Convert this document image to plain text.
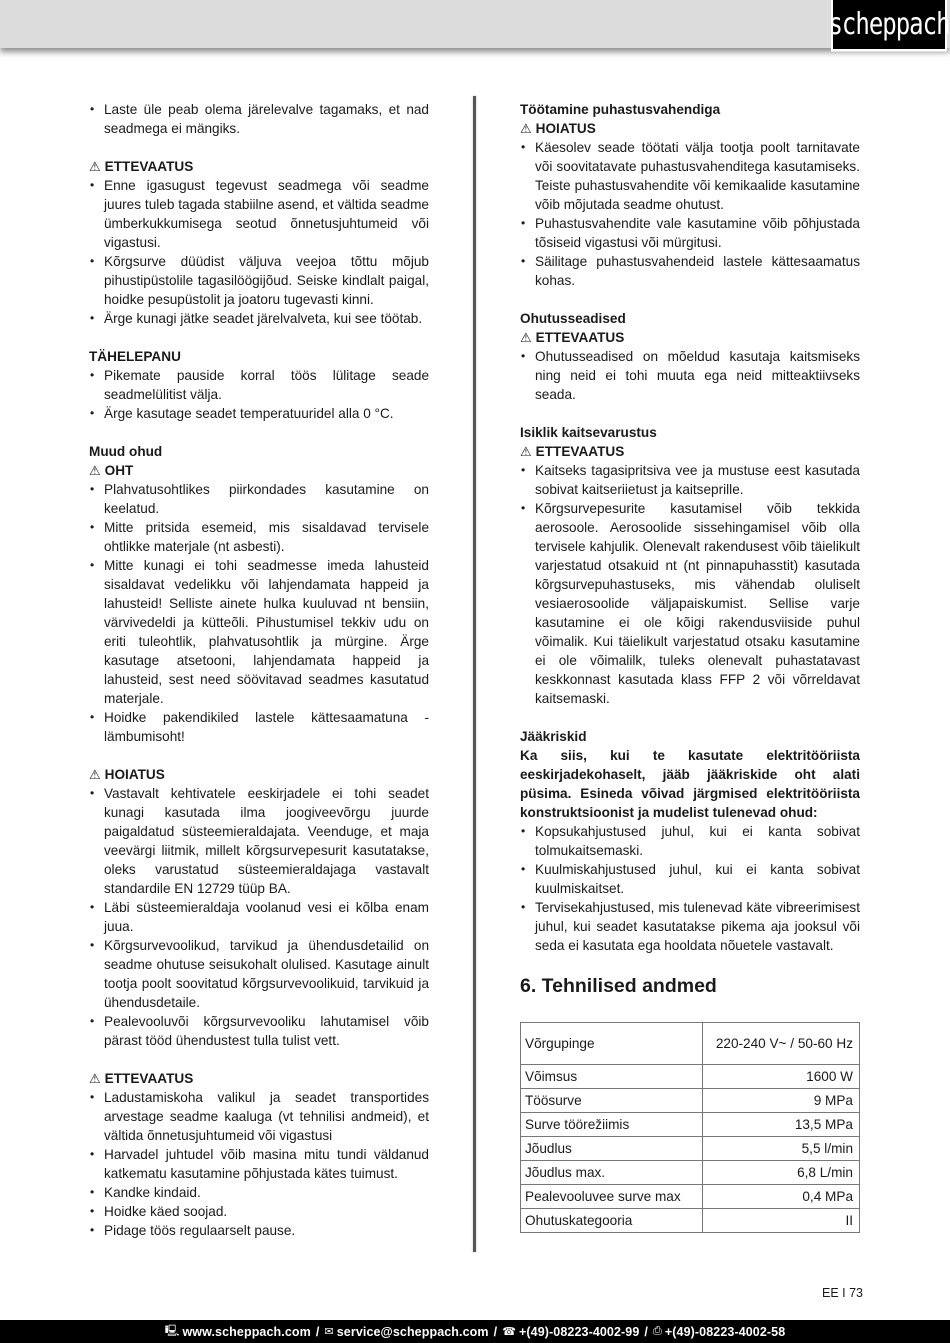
scheppach
• Laste üle peab olema järelevalve tagamaks, et nad seadmega ei mängiks.
⚠ ETTEVAATUS
• Enne igasugust tegevust seadmega või seadme juures tuleb tagada stabiilne asend, et vältida seadme ümberkukkumisega seotud õnnetusjuhtumeid või vigastusi.
• Kõrgsurve düüdist väljuva veejoa tõttu mõjub pihustipüstolile tagasilöögijõud. Seiske kindlalt paigal, hoidke pesupüstolit ja joatoru tugevasti kinni.
• Ärge kunagi jätke seadet järelvalveta, kui see töötab.
TÄHELEPANU
• Pikemate pauside korral töös lülitage seade seadmelülitist välja.
• Ärge kasutage seadet temperatuuridel alla 0 °C.
Muud ohud
⚠ OHT
• Plahvatusohtlikes piirkondades kasutamine on keelatud.
• Mitte pritsida esemeid, mis sisaldavad tervisele ohtlikke materjale (nt asbesti).
• Mitte kunagi ei tohi seadmesse imeda lahusteid sisaldavat vedelikku või lahjendamata happeid ja lahusteid! Selliste ainete hulka kuuluvad nt bensiin, värvivedeldi ja kütteõli. Pihustumisel tekkiv udu on eriti tuleohtlik, plahvatusohtlik ja mürgine. Ärge kasutage atsetooni, lahjendamata happeid ja lahusteid, sest need söövitavad seadmes kasutatud materjale.
• Hoidke pakendikiled lastele kättesaamatuna - lämbumisoht!
⚠ HOIATUS
• Vastavalt kehtivatele eeskirjadele ei tohi seadet kunagi kasutada ilma joogiveevõrgu juurde paigaldatud süsteemieraldajata. Veenduge, et maja veevärgi liitmik, millelt kõrgsurvepesurit kasutatakse, oleks varustatud süsteemieraldajaga vastavalt standardile EN 12729 tüüp BA.
• Läbi süsteemieraldaja voolanud vesi ei kõlba enam juua.
• Kõrgsurvevoolikud, tarvikud ja ühendusdetailid on seadme ohutuse seisukohalt olulised. Kasutage ainult tootja poolt soovitatud kõrgsurvevoolikuid, tarvikuid ja ühendusdetaile.
• Pealevooluvõi kõrgsurvevooliku lahutamisel võib pärast tööd ühendustest tulla tulist vett.
⚠ ETTEVAATUS
• Ladustamiskoha valikul ja seadet transportides arvestage seadme kaaluga (vt tehnilisi andmeid), et vältida õnnetusjuhtumeid või vigastusi
• Harvadel juhtudel võib masina mitu tundi väldanud katkematu kasutamine põhjustada kätes tuimust.
• Kandke kindaid.
• Hoidke käed soojad.
• Pidage töös regulaarselt pause.
Töötamine puhastusvahendiga
⚠ HOIATUS
• Käesolev seade töötati välja tootja poolt tarnitavate või soovitatavate puhastusvahenditega kasutamiseks. Teiste puhastusvahendite või kemikaalide kasutamine võib mõjutada seadme ohutust.
• Puhastusvahendite vale kasutamine võib põhjustada tõsiseid vigastusi või mürgitusi.
• Säilitage puhastusvahendeid lastele kättesaamatus kohas.
Ohutusseadised
⚠ ETTEVAATUS
• Ohutusseadised on mõeldud kasutaja kaitsmiseks ning neid ei tohi muuta ega neid mitteaktiivseks seada.
Isiklik kaitsevarustus
⚠ ETTEVAATUS
• Kaitseks tagasipritsiva vee ja mustuse eest kasutada sobivat kaitseriietust ja kaitseprille.
• Kõrgsurvepesurite kasutamisel võib tekkida aerosoole. Aerosoolide sissehingamisel võib olla tervisele kahjulik. Olenevalt rakendusest võib täielikult varjestatud otsakuid nt (nt pinnapuhasstit) kasutada kõrgsurvepuhastuseks, mis vähendab oluliselt vesiaerosoolide väljapaiskumist. Sellise varje kasutamine ei ole kõigi rakendusviiside puhul võimalik. Kui täielikult varjestatud otsaku kasutamine ei ole võimalilk, tuleks olenevalt puhastatavast keskkonnast kasutada klass FFP 2 või võrreldavat kaitsemaski.
Jääkriskid
Ka siis, kui te kasutate elektritööriista eeskirjadekohaselt, jääb jääkriskide oht alati püsima. Esineda võivad järgmised elektritööriista konstruktsioonist ja mudelist tulenevad ohud:
• Kopsukahjustused juhul, kui ei kanta sobivat tolmukaitsemaski.
• Kuulmiskahjustused juhul, kui ei kanta sobivat kuulmiskaitset.
• Tervisekahjustused, mis tulenevad käte vibreerimisest juhul, kui seadet kasutatakse pikema aja jooksul või seda ei kasutata ega hooldata nõuetele vastavalt.
6. Tehnilised andmed
Võrgupinge	220-240 V~ / 50-60 Hz
Võimsus	1600 W
Töösurve	9 MPa
Surve töörežiimis	13,5 MPa
Jõudlus	5,5 l/min
Jõudlus max.	6,8 L/min
Pealevooluvee surve max	0,4 MPa
Ohutuskategooria	II
EE I 73
🖳 www.scheppach.com / ✉ service@scheppach.com / ☎ +(49)-08223-4002-99 / ⎙ +(49)-08223-4002-58
